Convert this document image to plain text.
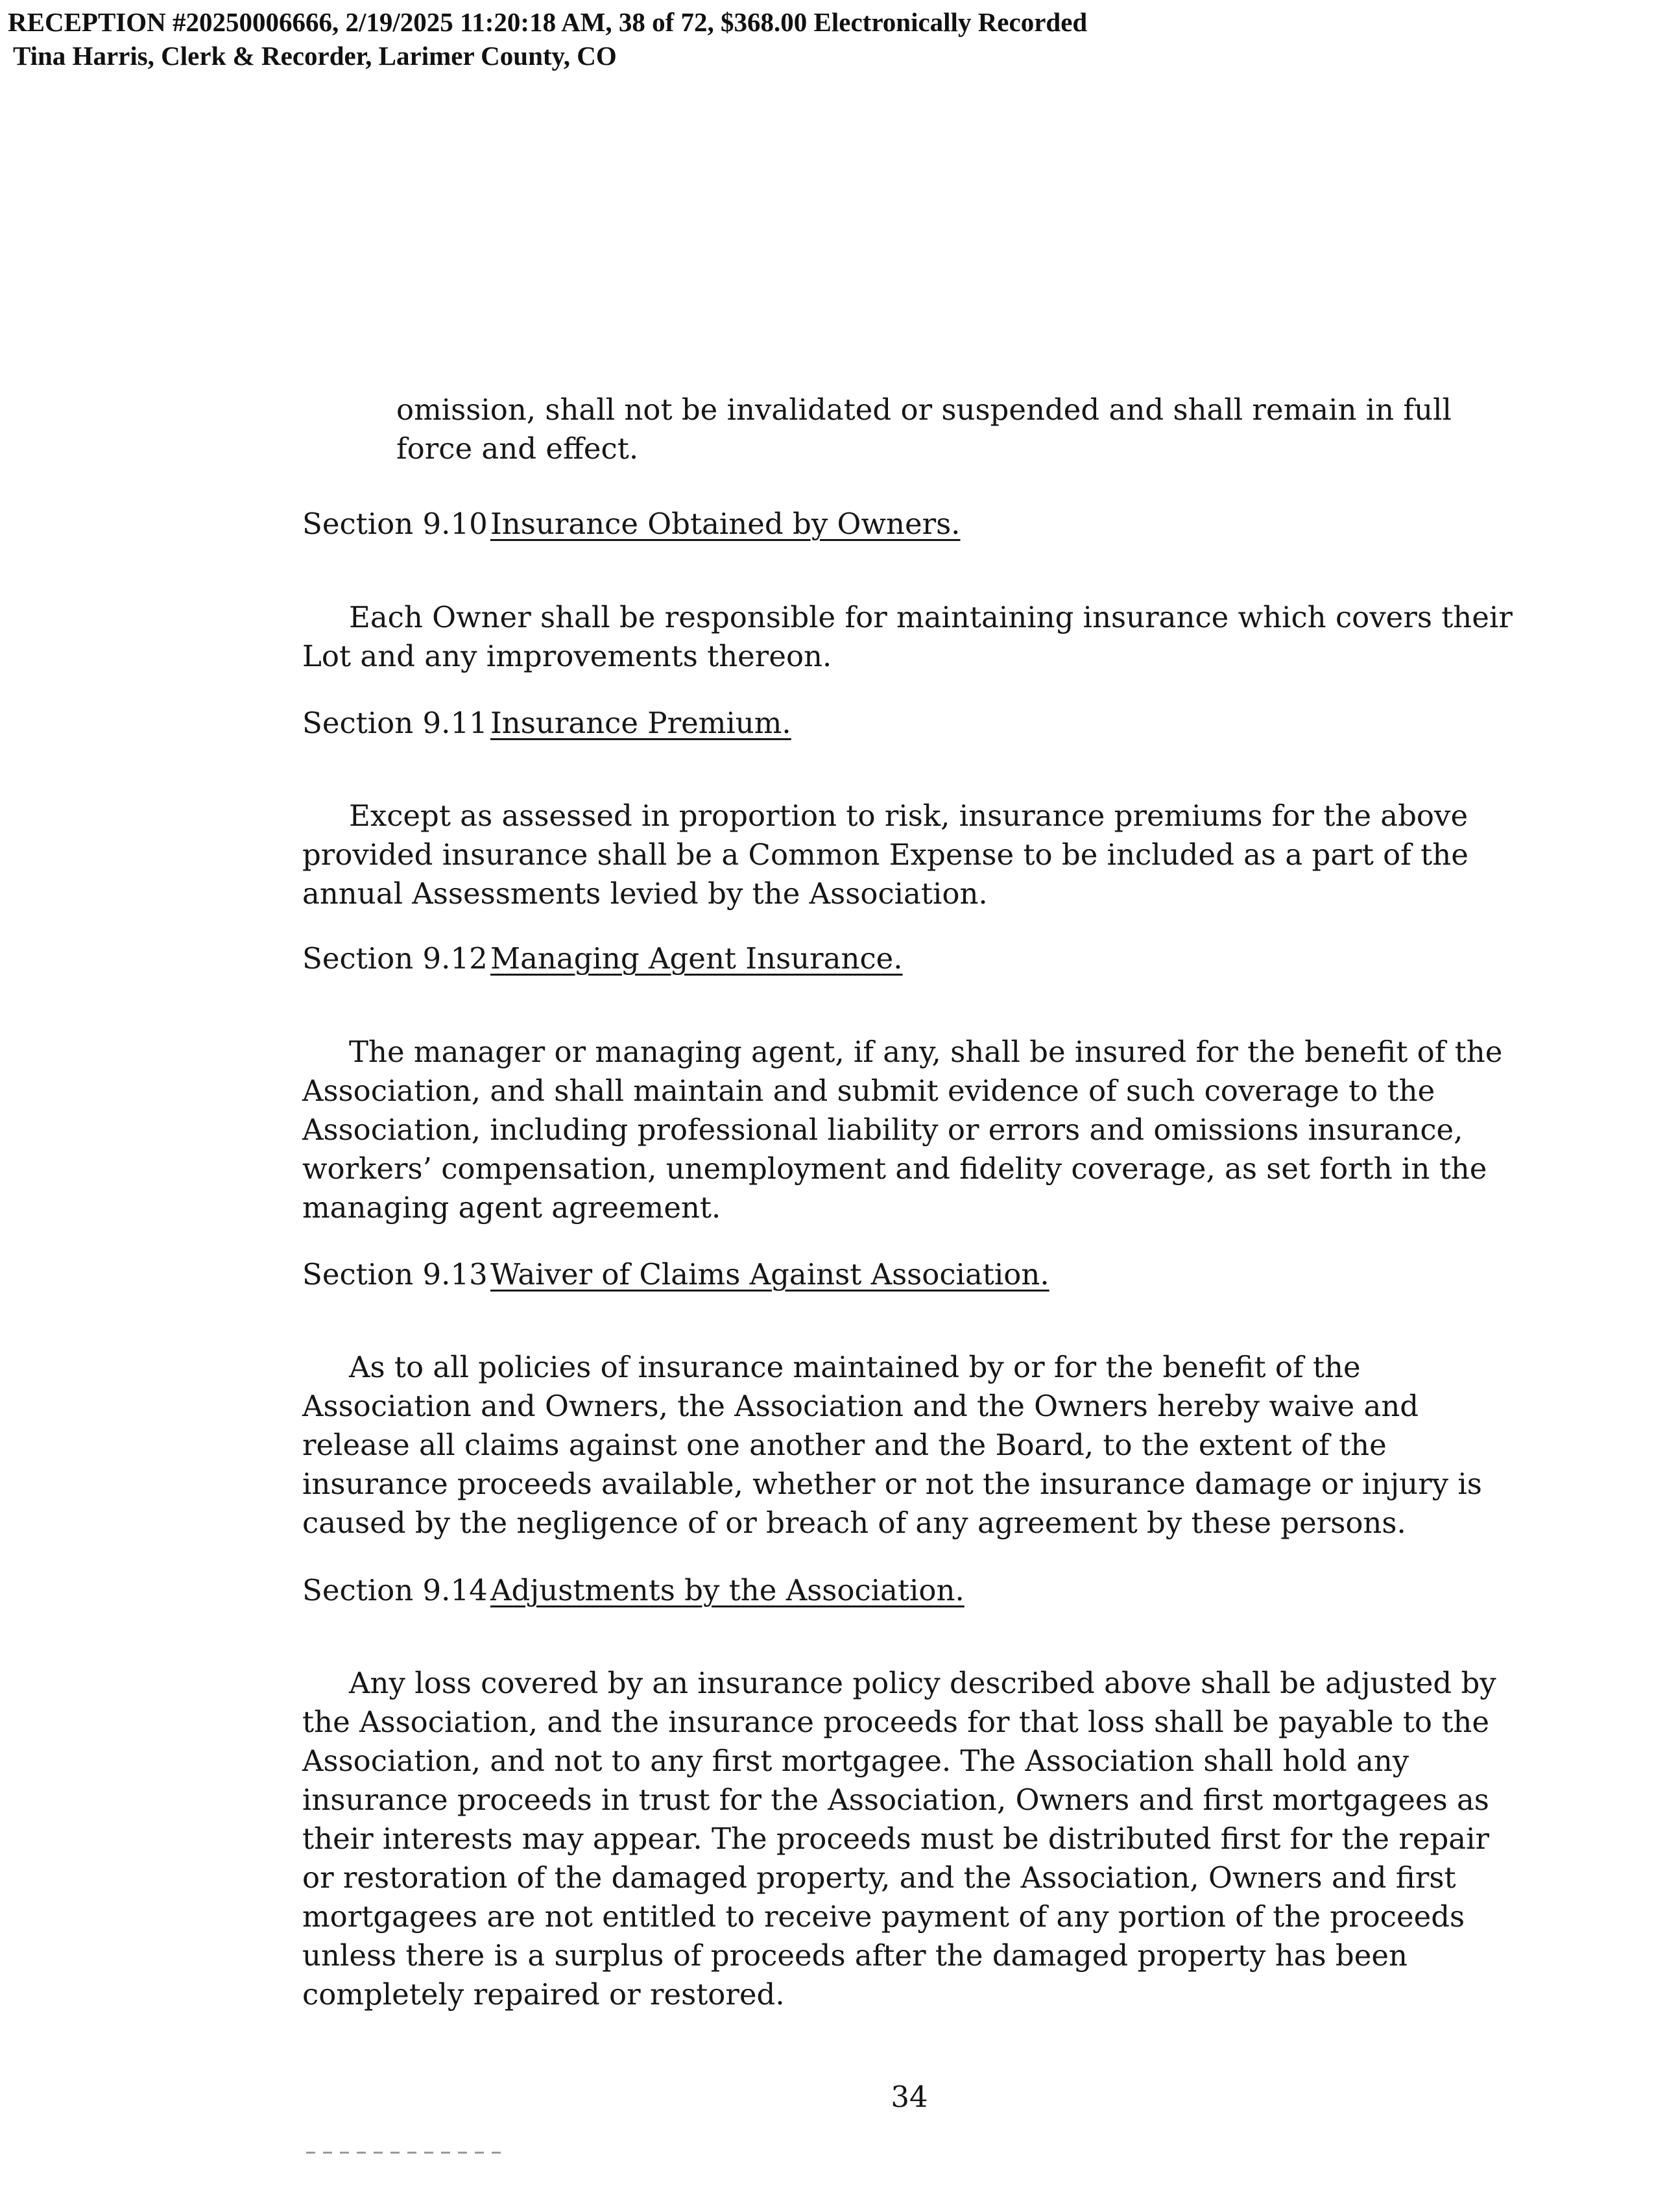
RECEPTION #20250006666, 2/19/2025 11:20:18 AM, 38 of 72, $368.00 Electronically Recorded
Tina Harris, Clerk & Recorder, Larimer County, CO

omission, shall not be invalidated or suspended and shall remain in full force and effect.

Section 9.10Insurance Obtained by Owners.

Each Owner shall be responsible for maintaining insurance which covers their Lot and any improvements thereon.

Section 9.11Insurance Premium.

Except as assessed in proportion to risk, insurance premiums for the above provided insurance shall be a Common Expense to be included as a part of the annual Assessments levied by the Association.

Section 9.12Managing Agent Insurance.

The manager or managing agent, if any, shall be insured for the benefit of the Association, and shall maintain and submit evidence of such coverage to the Association, including professional liability or errors and omissions insurance, workers’ compensation, unemployment and fidelity coverage, as set forth in the managing agent agreement.

Section 9.13Waiver of Claims Against Association.

As to all policies of insurance maintained by or for the benefit of the Association and Owners, the Association and the Owners hereby waive and release all claims against one another and the Board, to the extent of the insurance proceeds available, whether or not the insurance damage or injury is caused by the negligence of or breach of any agreement by these persons.

Section 9.14Adjustments by the Association.

Any loss covered by an insurance policy described above shall be adjusted by the Association, and the insurance proceeds for that loss shall be payable to the Association, and not to any first mortgagee. The Association shall hold any insurance proceeds in trust for the Association, Owners and first mortgagees as their interests may appear. The proceeds must be distributed first for the repair or restoration of the damaged property, and the Association, Owners and first mortgagees are not entitled to receive payment of any portion of the proceeds unless there is a surplus of proceeds after the damaged property has been completely repaired or restored.

34
